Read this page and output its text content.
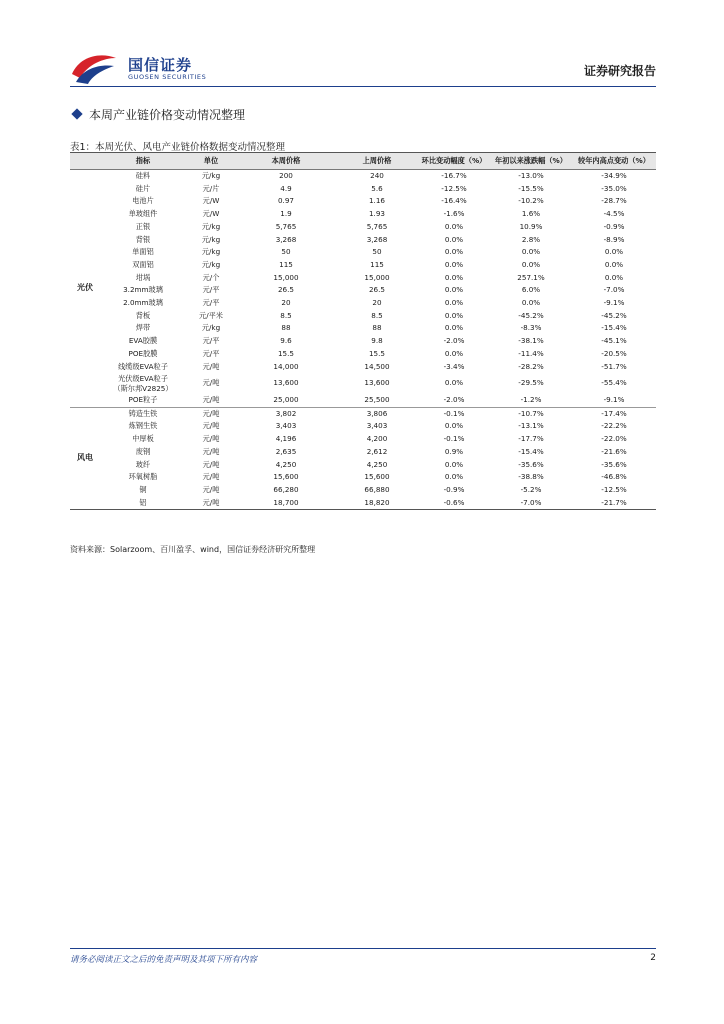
国信证券
GUOSEN SECURITIES	证券研究报告
本周产业链价格变动情况整理
表1：本周光伏、风电产业链价格数据变动情况整理
	指标	单位	本周价格	上周价格	环比变动幅度（%）	年初以来涨跌幅（%）	较年内高点变动（%）
光伏	硅料	元/kg	200	240	-16.7%	-13.0%	-34.9%
	硅片	元/片	4.9	5.6	-12.5%	-15.5%	-35.0%
	电池片	元/W	0.97	1.16	-16.4%	-10.2%	-28.7%
	单玻组件	元/W	1.9	1.93	-1.6%	1.6%	-4.5%
	正银	元/kg	5,765	5,765	0.0%	10.9%	-0.9%
	背银	元/kg	3,268	3,268	0.0%	2.8%	-8.9%
	单面铝	元/kg	50	50	0.0%	0.0%	0.0%
	双面铝	元/kg	115	115	0.0%	0.0%	0.0%
	坩埚	元/个	15,000	15,000	0.0%	257.1%	0.0%
	3.2mm玻璃	元/平	26.5	26.5	0.0%	6.0%	-7.0%
	2.0mm玻璃	元/平	20	20	0.0%	0.0%	-9.1%
	背板	元/平米	8.5	8.5	0.0%	-45.2%	-45.2%
	焊带	元/kg	88	88	0.0%	-8.3%	-15.4%
	EVA胶膜	元/平	9.6	9.8	-2.0%	-38.1%	-45.1%
	POE胶膜	元/平	15.5	15.5	0.0%	-11.4%	-20.5%
	线缆级EVA粒子	元/吨	14,000	14,500	-3.4%	-28.2%	-51.7%
	光伏级EVA粒子
（斯尔邦V2825）	元/吨	13,600	13,600	0.0%	-29.5%	-55.4%
	POE粒子	元/吨	25,000	25,500	-2.0%	-1.2%	-9.1%
风电	铸造生铁	元/吨	3,802	3,806	-0.1%	-10.7%	-17.4%
	炼钢生铁	元/吨	3,403	3,403	0.0%	-13.1%	-22.2%
	中厚板	元/吨	4,196	4,200	-0.1%	-17.7%	-22.0%
	废钢	元/吨	2,635	2,612	0.9%	-15.4%	-21.6%
	玻纤	元/吨	4,250	4,250	0.0%	-35.6%	-35.6%
	环氧树脂	元/吨	15,600	15,600	0.0%	-38.8%	-46.8%
	铜	元/吨	66,280	66,880	-0.9%	-5.2%	-12.5%
	铝	元/吨	18,700	18,820	-0.6%	-7.0%	-21.7%
资料来源：Solarzoom、百川盈孚、wind，国信证券经济研究所整理
请务必阅读正文之后的免责声明及其项下所有内容	2
